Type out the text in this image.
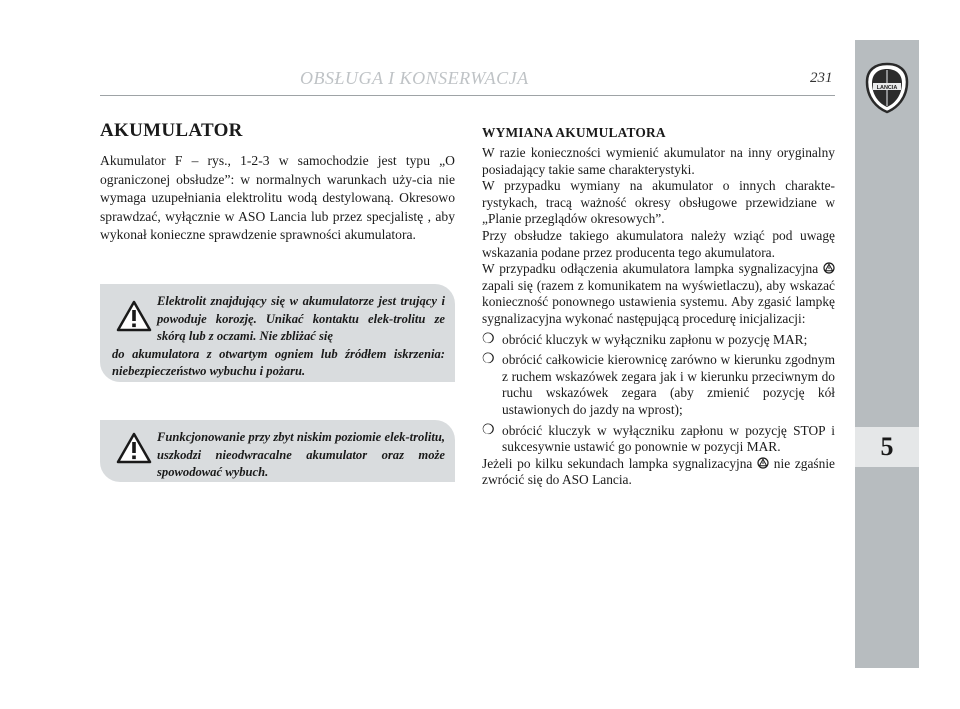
OBSŁUGA I KONSERWACJA	231
LANCIA
5
AKUMULATOR

Akumulator F – rys., 1-2-3 w samochodzie jest typu „O ograniczonej obsłudze”: w normalnych warunkach uży-cia nie wymaga uzupełniania elektrolitu wodą destylowaną. Okresowo sprawdzać, wyłącznie w ASO Lancia lub przez specjalistę , aby wykonał konieczne sprawdzenie sprawności akumulatora.

Elektrolit znajdujący się w akumulatorze jest trujący i powoduje korozję. Unikać kontaktu elek-trolitu ze skórą lub z oczami. Nie zbliżać się

do akumulatora z otwartym ogniem lub źródłem iskrzenia: niebezpieczeństwo wybuchu i pożaru.

Funkcjonowanie przy zbyt niskim poziomie elek-trolitu, uszkodzi nieodwracalne akumulator oraz może spowodować wybuch.

WYMIANA AKUMULATORA

W razie konieczności wymienić akumulator na inny oryginalny posiadający takie same charakterystyki.

W przypadku wymiany na akumulator o innych charakte-rystykach, tracą ważność okresy obsługowe przewidziane w „Planie przeglądów okresowych”.

Przy obsłudze takiego akumulatora należy wziąć pod uwagę wskazania podane przez producenta tego akumulatora.

W przypadku odłączenia akumulatora lampka sygnalizacyjna  zapali się (razem z komunikatem na wyświetlaczu), aby wskazać konieczność ponownego ustawienia systemu. Aby zgasić lampkę sygnalizacyjna wykonać następującą procedurę inicjalizacji:

❍ obrócić kluczyk w wyłączniku zapłonu w pozycję MAR;
❍ obrócić całkowicie kierownicę zarówno w kierunku zgodnym z ruchem wskazówek zegara jak i w kierunku przeciwnym do ruchu wskazówek zegara (aby zmienić pozycję kół ustawionych do jazdy na wprost);
❍ obrócić kluczyk w wyłączniku zapłonu w pozycję STOP i sukcesywnie ustawić go ponownie w pozycji MAR.

Jeżeli po kilku sekundach lampka sygnalizacyjna  nie zgaśnie zwrócić się do ASO Lancia.
